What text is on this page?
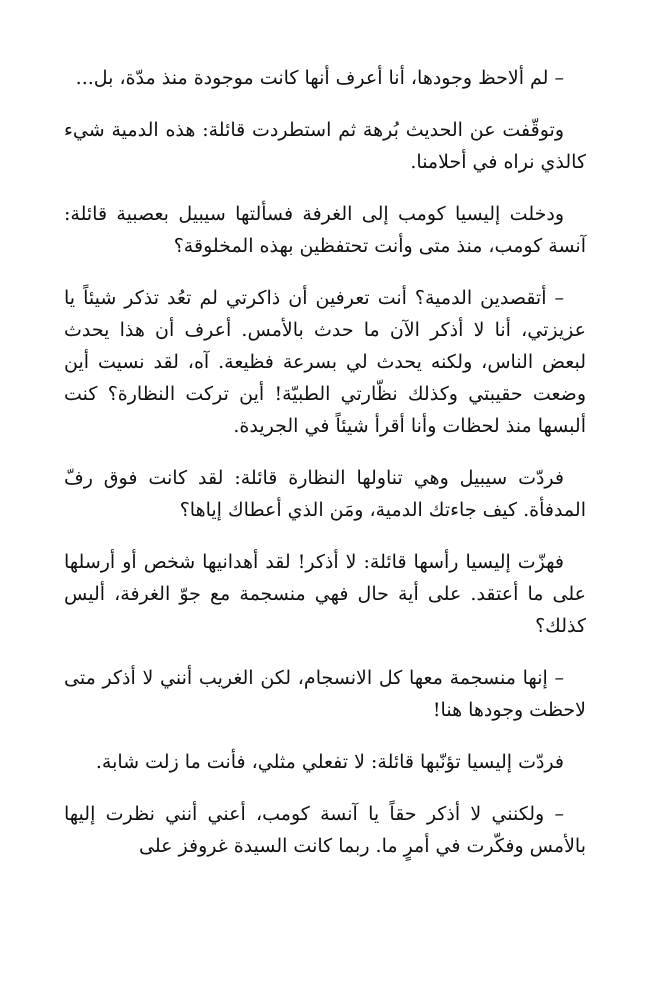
– لم ألاحظ وجودها، أنا أعرف أنها كانت موجودة منذ مدّة، بل...

وتوقّفت عن الحديث بُرهة ثم استطردت قائلة: هذه الدمية شيء كالذي نراه في أحلامنا.

ودخلت إليسيا كومب إلى الغرفة فسألتها سيبيل بعصبية قائلة: آنسة كومب، منذ متى وأنت تحتفظين بهذه المخلوقة؟

– أتقصدين الدمية؟ أنت تعرفين أن ذاكرتي لم تعُد تذكر شيئاً يا عزيزتي، أنا لا أذكر الآن ما حدث بالأمس. أعرف أن هذا يحدث لبعض الناس، ولكنه يحدث لي بسرعة فظيعة. آه، لقد نسيت أين وضعت حقيبتي وكذلك نظّارتي الطبيّة! أين تركت النظارة؟ كنت ألبسها منذ لحظات وأنا أقرأ شيئاً في الجريدة.

فردّت سيبيل وهي تناولها النظارة قائلة: لقد كانت فوق رفّ المدفأة. كيف جاءتك الدمية، ومَن الذي أعطاك إياها؟

فهزّت إليسيا رأسها قائلة: لا أذكر! لقد أهدانيها شخص أو أرسلها على ما أعتقد. على أية حال فهي منسجمة مع جوّ الغرفة، أليس كذلك؟

– إنها منسجمة معها كل الانسجام، لكن الغريب أنني لا أذكر متى لاحظت وجودها هنا!

فردّت إليسيا تؤنّبها قائلة: لا تفعلي مثلي، فأنت ما زلت شابة.

– ولكنني لا أذكر حقاً يا آنسة كومب، أعني أنني نظرت إليها بالأمس وفكّرت في أمرٍ ما. ربما كانت السيدة غروفز على
